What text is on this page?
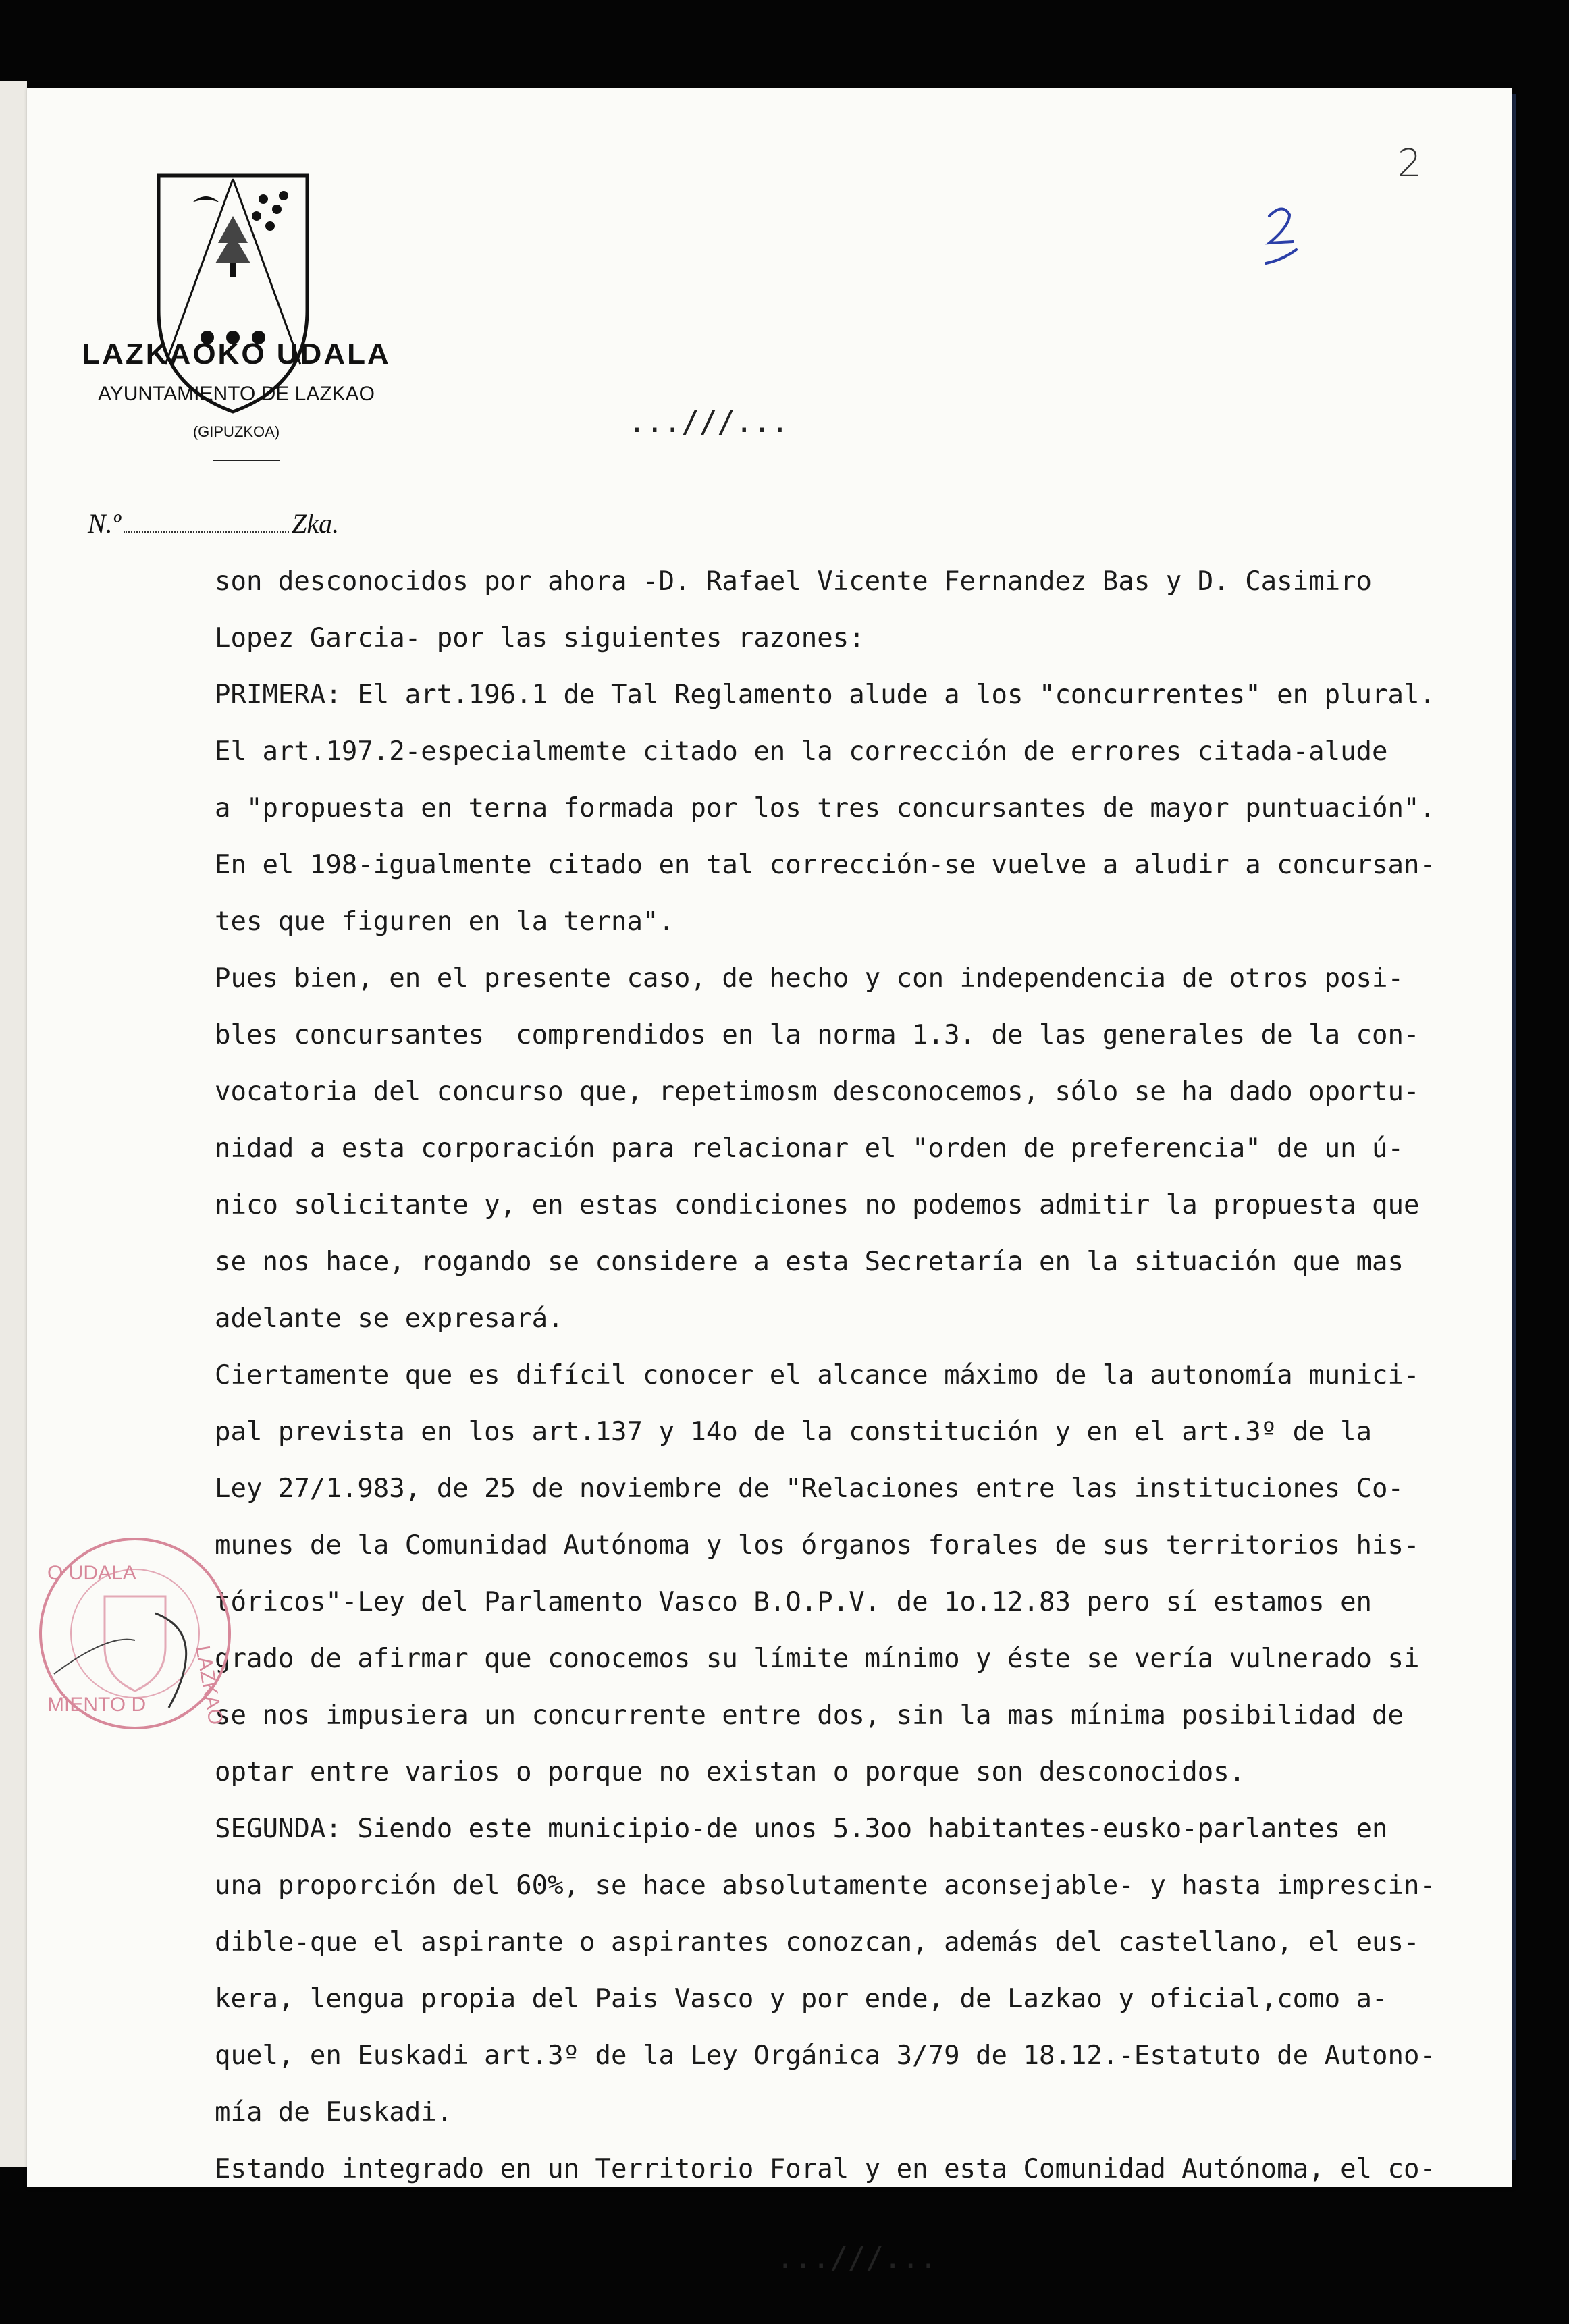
LAZKAOKO UDALA
AYUNTAMIENTO DE LAZKAO
(GIPUZKOA)
2
...///...
N.º	Zka.
son desconocidos por ahora -D. Rafael Vicente Fernandez Bas y D. Casimiro
Lopez Garcia- por las siguientes razones:
PRIMERA: El art.196.1 de Tal Reglamento alude a los "concurrentes" en plural.
El art.197.2-especialmemte citado en la corrección de errores citada-alude
a "propuesta en terna formada por los tres concursantes de mayor puntuación".
En el 198-igualmente citado en tal corrección-se vuelve a aludir a concursan-
tes que figuren en la terna".
Pues bien, en el presente caso, de hecho y con independencia de otros posi-
bles concursantes  comprendidos en la norma 1.3. de las generales de la con-
vocatoria del concurso que, repetimosm desconocemos, sólo se ha dado oportu-
nidad a esta corporación para relacionar el "orden de preferencia" de un ú-
nico solicitante y, en estas condiciones no podemos admitir la propuesta que
se nos hace, rogando se considere a esta Secretaría en la situación que mas
adelante se expresará.
Ciertamente que es difícil conocer el alcance máximo de la autonomía munici-
pal prevista en los art.137 y 14o de la constitución y en el art.3º de la
Ley 27/1.983, de 25 de noviembre de "Relaciones entre las instituciones Co-
munes de la Comunidad Autónoma y los órganos forales de sus territorios his-
tóricos"-Ley del Parlamento Vasco B.O.P.V. de 1o.12.83 pero sí estamos en
grado de afirmar que conocemos su límite mínimo y éste se vería vulnerado si
se nos impusiera un concurrente entre dos, sin la mas mínima posibilidad de
optar entre varios o porque no existan o porque son desconocidos.
SEGUNDA: Siendo este municipio-de unos 5.3oo habitantes-eusko-parlantes en
una proporción del 60%, se hace absolutamente aconsejable- y hasta imprescin-
dible-que el aspirante o aspirantes conozcan, además del castellano, el eus-
kera, lengua propia del Pais Vasco y por ende, de Lazkao y oficial,como a-
quel, en Euskadi art.3º de la Ley Orgánica 3/79 de 18.12.-Estatuto de Autono-
mía de Euskadi.
Estando integrado en un Territorio Foral y en esta Comunidad Autónoma, el co-
...///...
O UDALA
LAZKAO
MIENTO D
